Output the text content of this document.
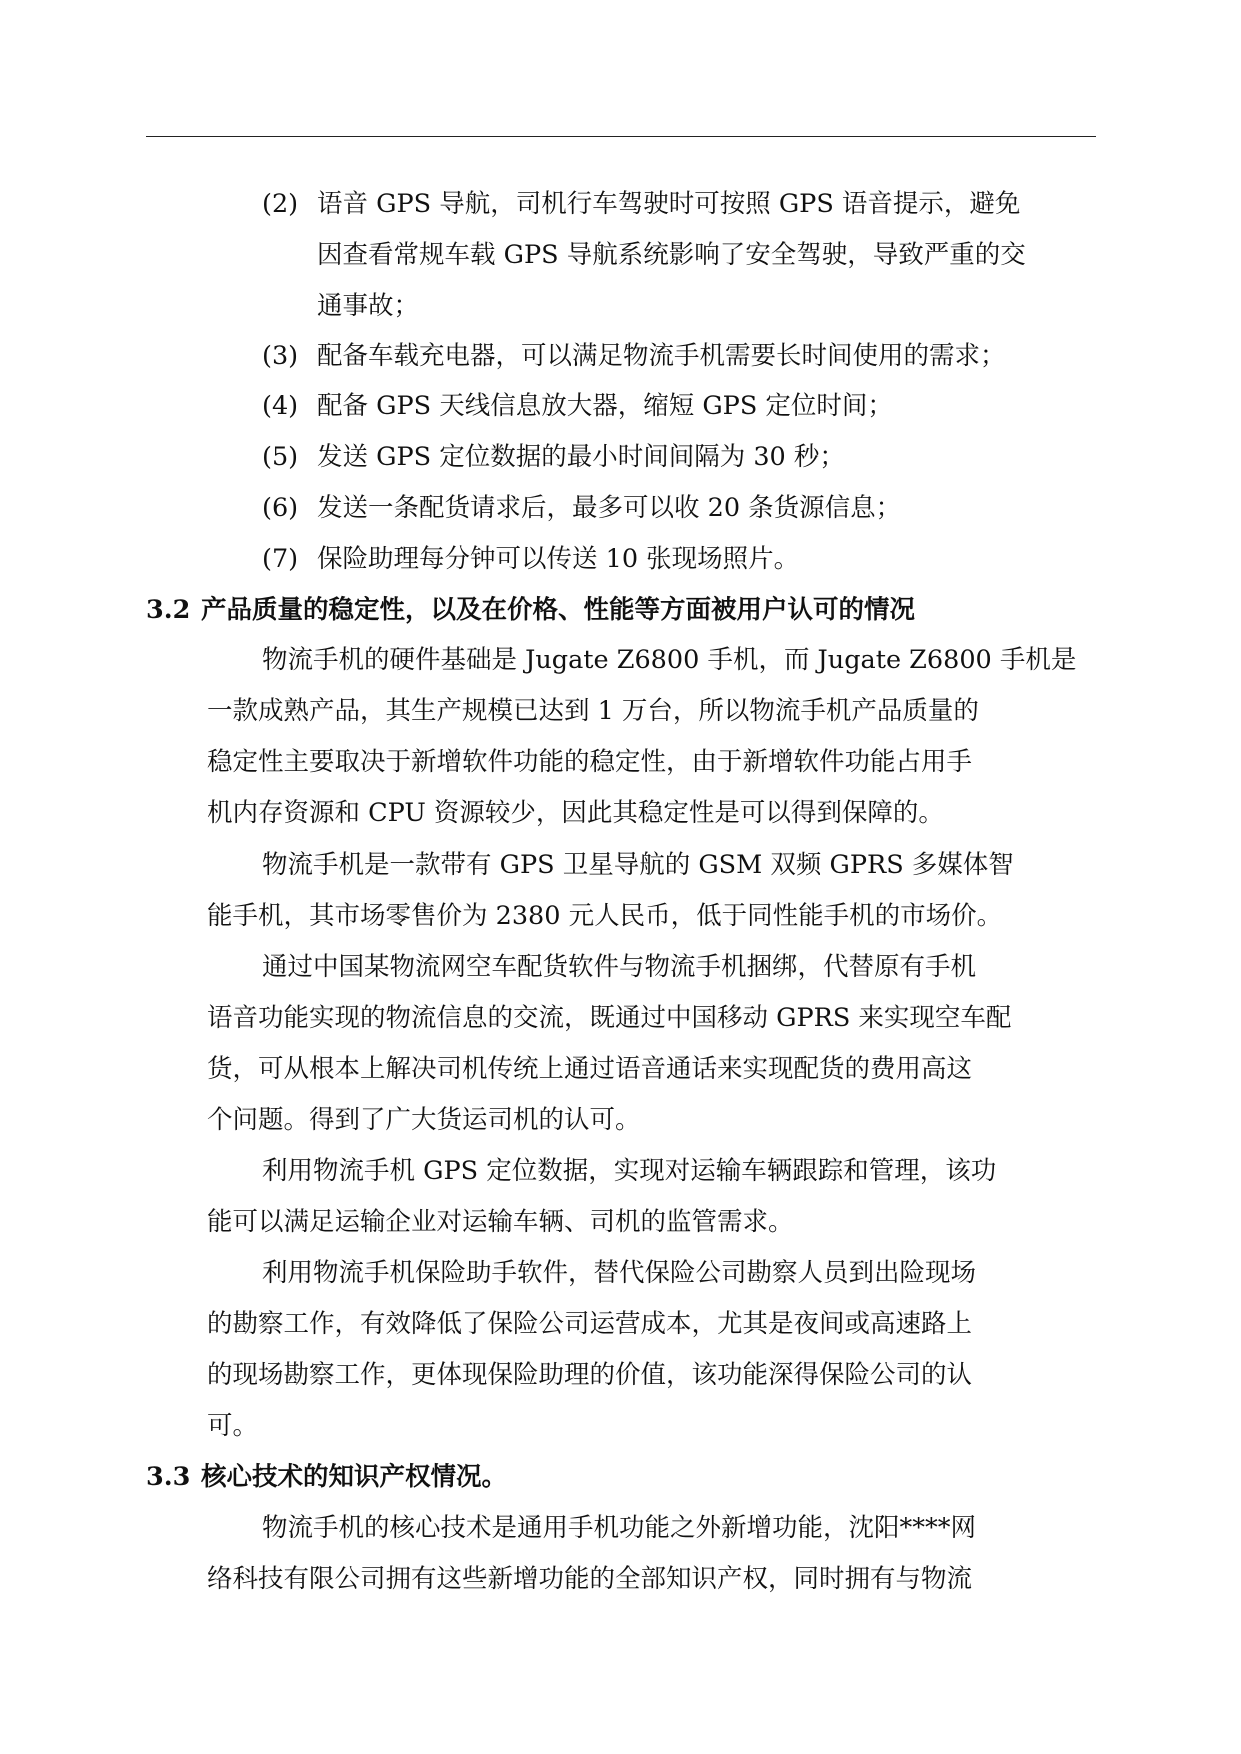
(2) 语音 GPS 导航，司机行车驾驶时可按照 GPS 语音提示，避免
因查看常规车载 GPS 导航系统影响了安全驾驶，导致严重的交
通事故；
(3) 配备车载充电器，可以满足物流手机需要长时间使用的需求；
(4) 配备 GPS 天线信息放大器，缩短 GPS 定位时间；
(5) 发送 GPS 定位数据的最小时间间隔为 30 秒；
(6) 发送一条配货请求后，最多可以收 20 条货源信息；
(7) 保险助理每分钟可以传送 10 张现场照片。
3.2 产品质量的稳定性，以及在价格、性能等方面被用户认可的情况
物流手机的硬件基础是 Jugate Z6800 手机，而 Jugate Z6800 手机是
一款成熟产品，其生产规模已达到 1 万台，所以物流手机产品质量的
稳定性主要取决于新增软件功能的稳定性，由于新增软件功能占用手
机内存资源和 CPU 资源较少，因此其稳定性是可以得到保障的。
物流手机是一款带有 GPS 卫星导航的 GSM 双频 GPRS 多媒体智
能手机，其市场零售价为 2380 元人民币，低于同性能手机的市场价。
通过中国某物流网空车配货软件与物流手机捆绑，代替原有手机
语音功能实现的物流信息的交流，既通过中国移动 GPRS 来实现空车配
货，可从根本上解决司机传统上通过语音通话来实现配货的费用高这
个问题。得到了广大货运司机的认可。
利用物流手机 GPS 定位数据，实现对运输车辆跟踪和管理，该功
能可以满足运输企业对运输车辆、司机的监管需求。
利用物流手机保险助手软件，替代保险公司勘察人员到出险现场
的勘察工作，有效降低了保险公司运营成本，尤其是夜间或高速路上
的现场勘察工作，更体现保险助理的价值，该功能深得保险公司的认
可。
3.3 核心技术的知识产权情况。
物流手机的核心技术是通用手机功能之外新增功能，沈阳****网
络科技有限公司拥有这些新增功能的全部知识产权，同时拥有与物流
